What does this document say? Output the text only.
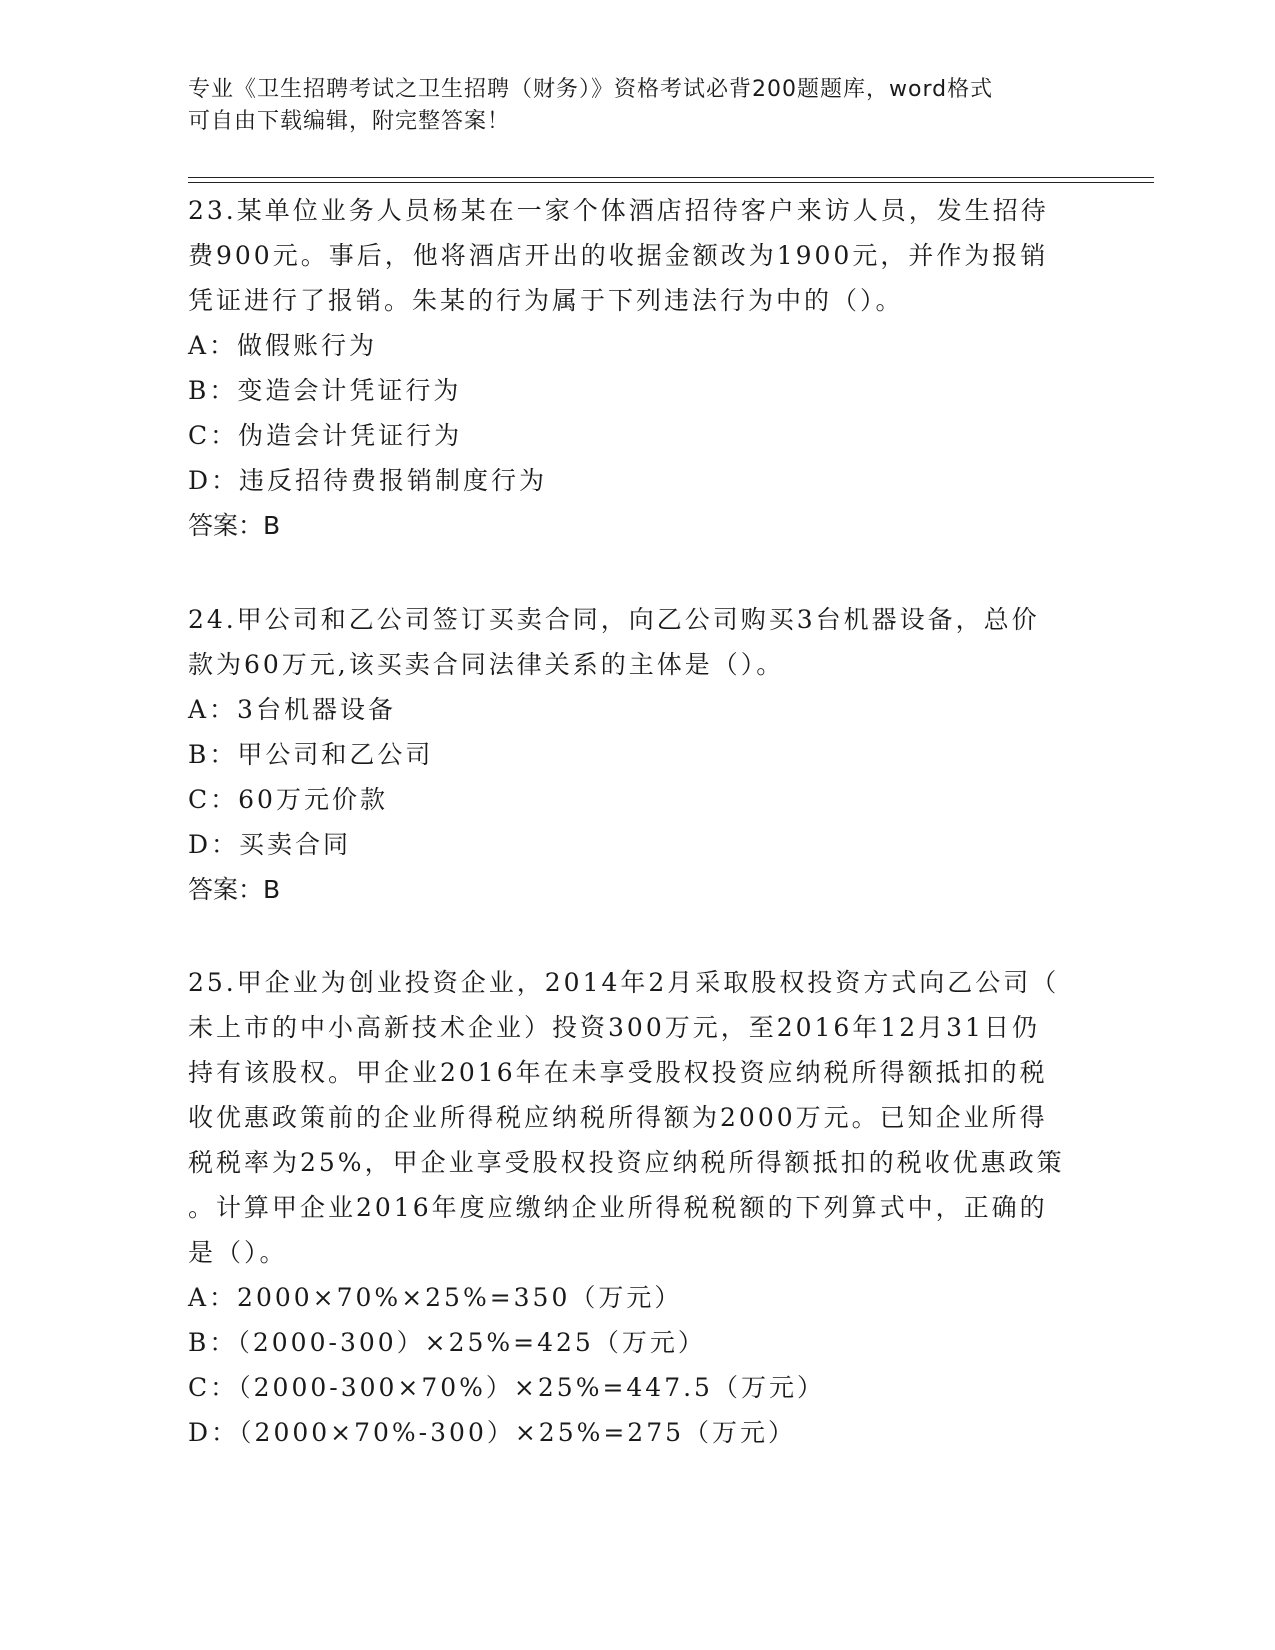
专业《卫生招聘考试之卫生招聘（财务）》资格考试必背200题题库，word格式
可自由下载编辑，附完整答案！

23.某单位业务人员杨某在一家个体酒店招待客户来访人员，发生招待

费900元。事后，他将酒店开出的收据金额改为1900元，并作为报销

凭证进行了报销。朱某的行为属于下列违法行为中的（）。

A：做假账行为

B：变造会计凭证行为

C：伪造会计凭证行为

D：违反招待费报销制度行为

答案：B

24.甲公司和乙公司签订买卖合同，向乙公司购买3台机器设备，总价

款为60万元,该买卖合同法律关系的主体是（）。

A：3台机器设备

B：甲公司和乙公司

C：60万元价款

D：买卖合同

答案：B

25.甲企业为创业投资企业，2014年2月采取股权投资方式向乙公司（

未上市的中小高新技术企业）投资300万元，至2016年12月31日仍

持有该股权。甲企业2016年在未享受股权投资应纳税所得额抵扣的税

收优惠政策前的企业所得税应纳税所得额为2000万元。已知企业所得

税税率为25%，甲企业享受股权投资应纳税所得额抵扣的税收优惠政策

。计算甲企业2016年度应缴纳企业所得税税额的下列算式中，正确的

是（）。

A：2000×70%×25%=350（万元）

B：（2000-300）×25%=425（万元）

C：（2000-300×70%）×25%=447.5（万元）

D：（2000×70%-300）×25%=275（万元）
